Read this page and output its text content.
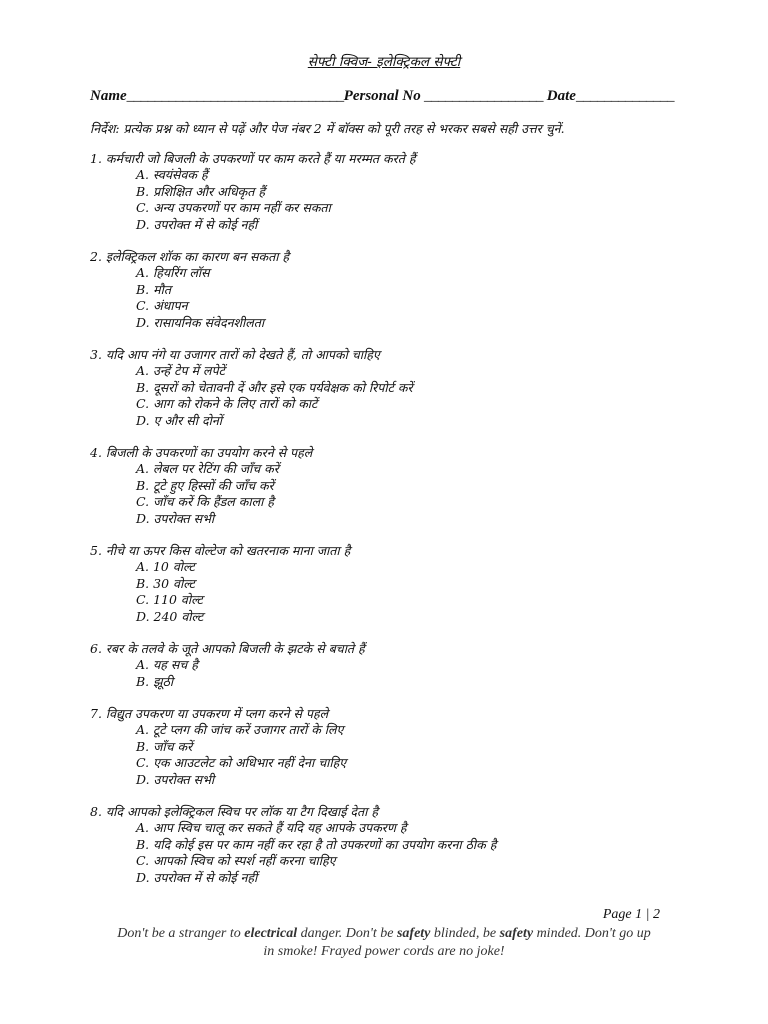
सेफ्टी क्विज- इलेक्ट्रिकल सेफ्टी
Name_______________________________Personal No _________________ Date______________
निर्देश: प्रत्येक प्रश्न को ध्यान से पढ़ें और पेज नंबर 2 में बॉक्स को पूरी तरह से भरकर सबसे सही उत्तर चुनें.
1. कर्मचारी जो बिजली के उपकरणों पर काम करते हैं या मरम्मत करते हैं
A. स्वयंसेवक हैं
B. प्रशिक्षित और अधिकृत हैं
C. अन्य उपकरणों पर काम नहीं कर सकता
D. उपरोक्त में से कोई नहीं
2. इलेक्ट्रिकल शॉक का कारण बन सकता है
A. हियरिंग लॉस
B. मौत
C. अंधापन
D. रासायनिक संवेदनशीलता
3. यदि आप नंगे या उजागर तारों को देखते हैं, तो आपको चाहिए
A. उन्हें टेप में लपेटें
B. दूसरों को चेतावनी दें और इसे एक पर्यवेक्षक को रिपोर्ट करें
C. आग को रोकने के लिए तारों को काटें
D. ए और सी दोनों
4. बिजली के उपकरणों का उपयोग करने से पहले
A. लेबल पर रेटिंग की जाँच करें
B. टूटे हुए हिस्सों की जाँच करें
C. जाँच करें कि हैंडल काला है
D. उपरोक्त सभी
5. नीचे या ऊपर किस वोल्टेज को खतरनाक माना जाता है
A. 10 वोल्ट
B. 30 वोल्ट
C. 110 वोल्ट
D. 240 वोल्ट
6. रबर के तलवे के जूते आपको बिजली के झटके से बचाते हैं
A. यह सच है
B. झूठी
7. विद्युत उपकरण या उपकरण में प्लग करने से पहले
A. टूटे प्लग की जांच करें उजागर तारों के लिए
B. जाँच करें
C. एक आउटलेट को अधिभार नहीं देना चाहिए
D. उपरोक्त सभी
8. यदि आपको इलेक्ट्रिकल स्विच पर लॉक या टैग दिखाई देता है
A. आप स्विच चालू कर सकते हैं यदि यह आपके उपकरण है
B. यदि कोई इस पर काम नहीं कर रहा है तो उपकरणों का उपयोग करना ठीक है
C. आपको स्विच को स्पर्श नहीं करना चाहिए
D. उपरोक्त में से कोई नहीं
Page 1 | 2
Don't be a stranger to electrical danger. Don't be safety blinded, be safety minded. Don't go up
in smoke! Frayed power cords are no joke!
